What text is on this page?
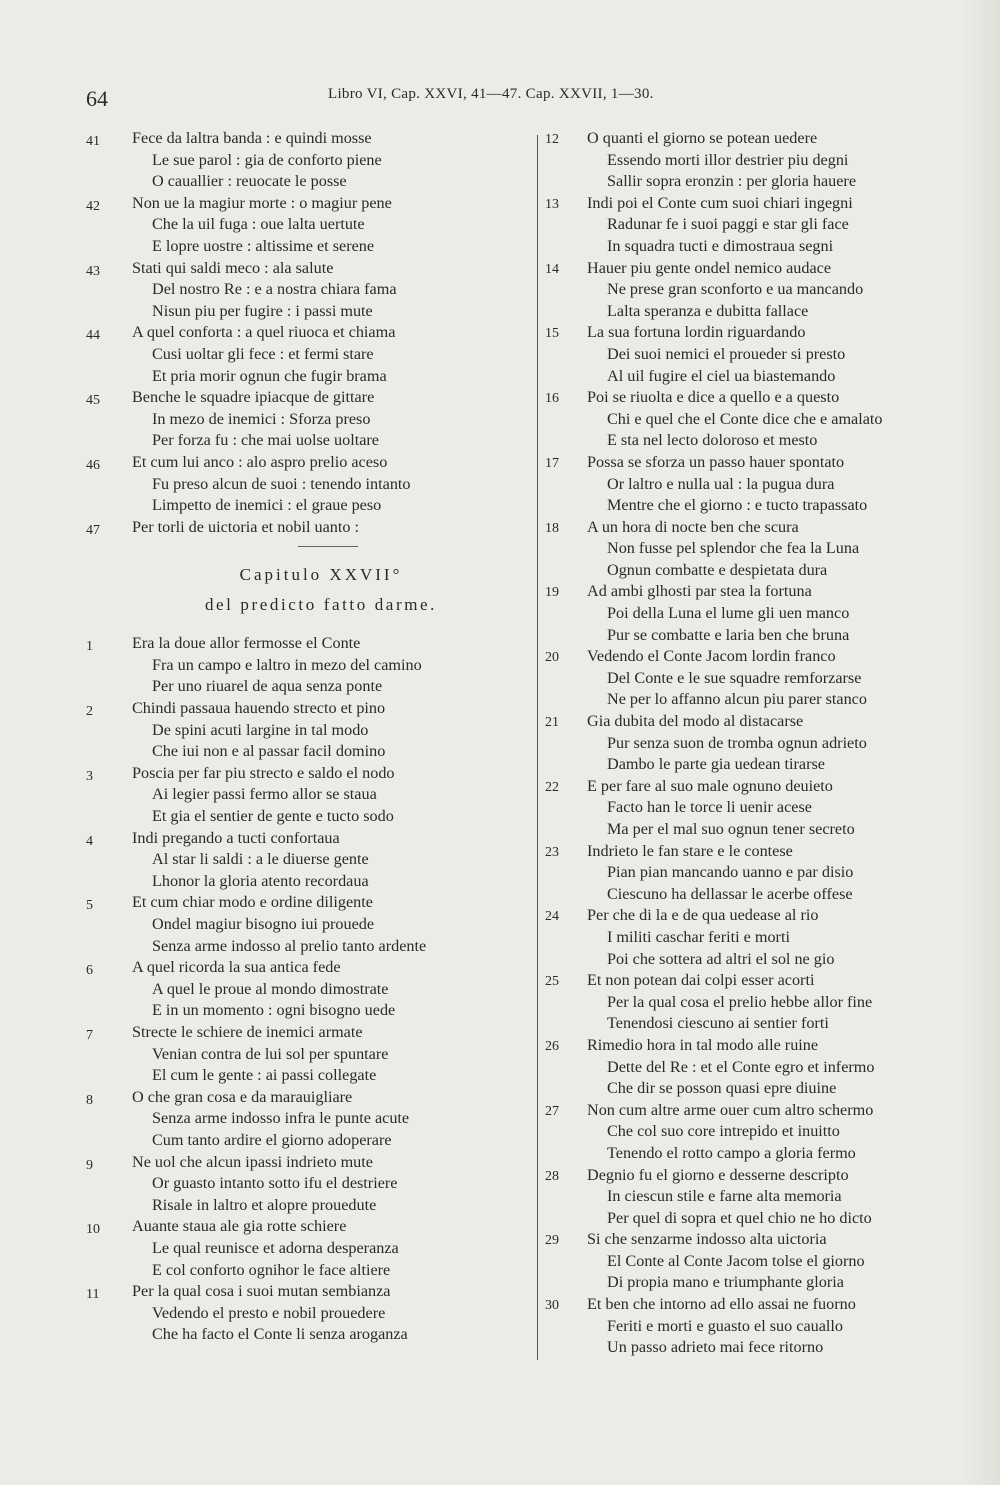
64	Libro VI, Cap. XXVI, 41—47. Cap. XXVII, 1—30.
41	Fece da laltra banda : e quindi mosse
Le sue parol : gia de conforto piene
O cauallier : reuocate le posse
42	Non ue la magiur morte : o magiur pene
Che la uil fuga : oue lalta uertute
E lopre uostre : altissime et serene
43	Stati qui saldi meco : ala salute
Del nostro Re : e a nostra chiara fama
Nisun piu per fugire : i passi mute
44	A quel conforta : a quel riuoca et chiama
Cusi uoltar gli fece : et fermi stare
Et pria morir ognun che fugir brama
45	Benche le squadre ipiacque de gittare
In mezo de inemici : Sforza preso
Per forza fu : che mai uolse uoltare
46	Et cum lui anco : alo aspro prelio aceso
Fu preso alcun de suoi : tenendo intanto
Limpetto de inemici : el graue peso
47	Per torli de uictoria et nobil uanto :
Capitulo XXVII°
del predicto fatto darme.
1	Era la doue allor fermosse el Conte
Fra un campo e laltro in mezo del camino
Per uno riuarel de aqua senza ponte
2	Chindi passaua hauendo strecto et pino
De spini acuti largine in tal modo
Che iui non e al passar facil domino
3	Poscia per far piu strecto e saldo el nodo
Ai legier passi fermo allor se staua
Et gia el sentier de gente e tucto sodo
4	Indi pregando a tucti confortaua
Al star li saldi : a le diuerse gente
Lhonor la gloria atento recordaua
5	Et cum chiar modo e ordine diligente
Ondel magiur bisogno iui prouede
Senza arme indosso al prelio tanto ardente
6	A quel ricorda la sua antica fede
A quel le proue al mondo dimostrate
E in un momento : ogni bisogno uede
7	Strecte le schiere de inemici armate
Venian contra de lui sol per spuntare
El cum le gente : ai passi collegate
8	O che gran cosa e da marauigliare
Senza arme indosso infra le punte acute
Cum tanto ardire el giorno adoperare
9	Ne uol che alcun ipassi indrieto mute
Or guasto intanto sotto ifu el destriere
Risale in laltro et alopre prouedute
10	Auante staua ale gia rotte schiere
Le qual reunisce et adorna desperanza
E col conforto ognihor le face altiere
11	Per la qual cosa i suoi mutan sembianza
Vedendo el presto e nobil prouedere
Che ha facto el Conte li senza aroganza
12	O quanti el giorno se potean uedere
Essendo morti illor destrier piu degni
Sallir sopra eronzin : per gloria hauere
13	Indi poi el Conte cum suoi chiari ingegni
Radunar fe i suoi paggi e star gli face
In squadra tucti e dimostraua segni
14	Hauer piu gente ondel nemico audace
Ne prese gran sconforto e ua mancando
Lalta speranza e dubitta fallace
15	La sua fortuna lordin riguardando
Dei suoi nemici el proueder si presto
Al uil fugire el ciel ua biastemando
16	Poi se riuolta e dice a quello e a questo
Chi e quel che el Conte dice che e amalato
E sta nel lecto doloroso et mesto
17	Possa se sforza un passo hauer spontato
Or laltro e nulla ual : la pugua dura
Mentre che el giorno : e tucto trapassato
18	A un hora di nocte ben che scura
Non fusse pel splendor che fea la Luna
Ognun combatte e despietata dura
19	Ad ambi glhosti par stea la fortuna
Poi della Luna el lume gli uen manco
Pur se combatte e laria ben che bruna
20	Vedendo el Conte Jacom lordin franco
Del Conte e le sue squadre remforzarse
Ne per lo affanno alcun piu parer stanco
21	Gia dubita del modo al distacarse
Pur senza suon de tromba ognun adrieto
Dambo le parte gia uedean tirarse
22	E per fare al suo male ognuno deuieto
Facto han le torce li uenir acese
Ma per el mal suo ognun tener secreto
23	Indrieto le fan stare e le contese
Pian pian mancando uanno e par disio
Ciescuno ha dellassar le acerbe offese
24	Per che di la e de qua uedease al rio
I militi caschar feriti e morti
Poi che sottera ad altri el sol ne gio
25	Et non potean dai colpi esser acorti
Per la qual cosa el prelio hebbe allor fine
Tenendosi ciescuno ai sentier forti
26	Rimedio hora in tal modo alle ruine
Dette del Re : et el Conte egro et infermo
Che dir se posson quasi epre diuine
27	Non cum altre arme ouer cum altro schermo
Che col suo core intrepido et inuitto
Tenendo el rotto campo a gloria fermo
28	Degnio fu el giorno e desserne descripto
In ciescun stile e farne alta memoria
Per quel di sopra et quel chio ne ho dicto
29	Si che senzarme indosso alta uictoria
El Conte al Conte Jacom tolse el giorno
Di propia mano e triumphante gloria
30	Et ben che intorno ad ello assai ne fuorno
Feriti e morti e guasto el suo cauallo
Un passo adrieto mai fece ritorno
